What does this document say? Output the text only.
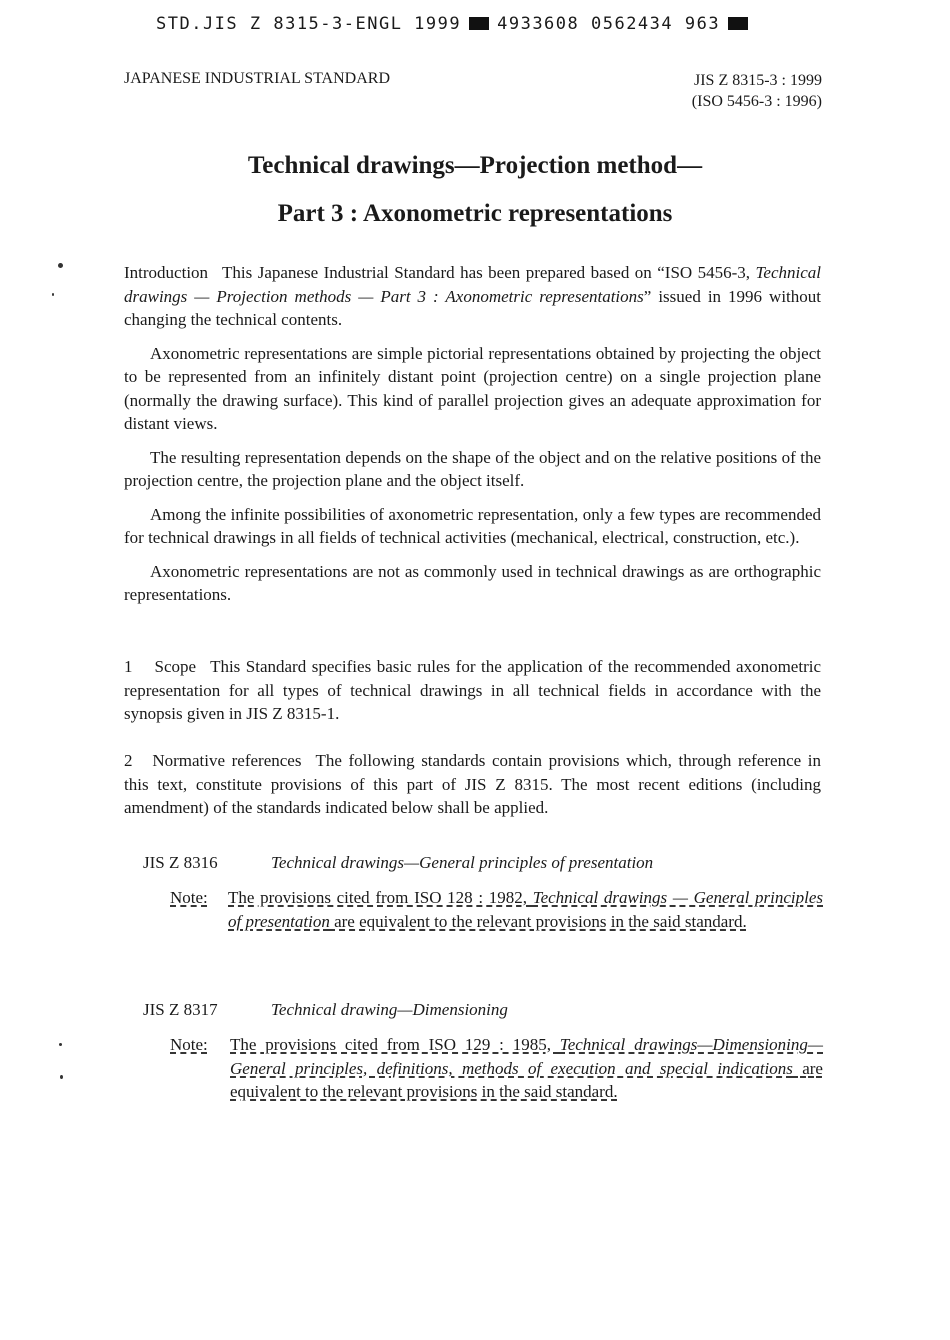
STD.JIS Z 8315-3-ENGL 1999 4933608 0562434 963
JAPANESE INDUSTRIAL STANDARD	JIS Z 8315-3 : 1999
(ISO 5456-3 : 1996)
Technical drawings—Projection method—
Part 3 : Axonometric representations

Introduction This Japanese Industrial Standard has been prepared based on “ISO 5456-3, Technical drawings — Projection methods — Part 3 : Axonometric representations” issued in 1996 without changing the technical contents.

Axonometric representations are simple pictorial representations obtained by projecting the object to be represented from an infinitely distant point (projection centre) on a single projection plane (normally the drawing surface). This kind of parallel projection gives an adequate approximation for distant views.

The resulting representation depends on the shape of the object and on the relative positions of the projection centre, the projection plane and the object itself.

Among the infinite possibilities of axonometric representation, only a few types are recommended for technical drawings in all fields of technical activities (mechanical, electrical, construction, etc.).

Axonometric representations are not as commonly used in technical drawings as are orthographic representations.

1 Scope This Standard specifies basic rules for the application of the recommended axonometric representation for all types of technical drawings in all technical fields in accordance with the synopsis given in JIS Z 8315-1.

2 Normative references The following standards contain provisions which, through reference in this text, constitute provisions of this part of JIS Z 8315. The most recent editions (including amendment) of the standards indicated below shall be applied.

JIS Z 8316	Technical drawings—General principles of presentation
Note: The provisions cited from ISO 128 : 1982, Technical drawings — General principles of presentation are equivalent to the relevant provisions in the said standard.
JIS Z 8317	Technical drawing—Dimensioning
Note: The provisions cited from ISO 129 : 1985, Technical drawings—Dimensioning—General principles, definitions, methods of execution and special indications are equivalent to the relevant provisions in the said standard.
